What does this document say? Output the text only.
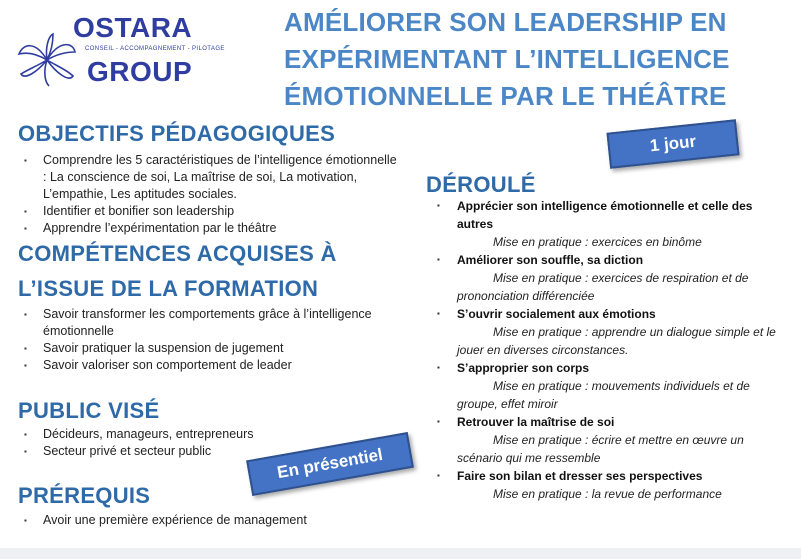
OSTARA
CONSEIL - ACCOMPAGNEMENT - PILOTAGE
GROUP
AMÉLIORER SON LEADERSHIP EN
EXPÉRIMENTANT L’INTELLIGENCE
ÉMOTIONNELLE PAR LE THÉÂTRE
OBJECTIFS PÉDAGOGIQUES
▪ Comprendre les 5 caractéristiques de l’intelligence émotionnelle : La conscience de soi, La maîtrise de soi, La motivation, L’empathie, Les aptitudes sociales.
▪ Identifier et bonifier son leadership
▪ Apprendre l’expérimentation par le théâtre
COMPÉTENCES ACQUISES À
L’ISSUE DE LA FORMATION
▪ Savoir transformer les comportements grâce à l’intelligence émotionnelle
▪ Savoir pratiquer la suspension de jugement
▪ Savoir valoriser son comportement de leader
PUBLIC VISÉ
▪ Décideurs, manageurs, entrepreneurs
▪ Secteur privé et secteur public
PRÉREQUIS
▪ Avoir une première expérience de management
1 jour
En présentiel
DÉROULÉ
▪ Apprécier son intelligence émotionnelle et celle des autres
Mise en pratique : exercices en binôme
▪ Améliorer son souffle, sa diction
Mise en pratique : exercices de respiration et de prononciation différenciée
▪ S’ouvrir socialement aux émotions
Mise en pratique : apprendre un dialogue simple et le jouer en diverses circonstances.
▪ S’approprier son corps
Mise en pratique : mouvements individuels et de groupe, effet miroir
▪ Retrouver la maîtrise de soi
Mise en pratique : écrire et mettre en œuvre un scénario qui me ressemble
▪ Faire son bilan et dresser ses perspectives
Mise en pratique : la revue de performance
